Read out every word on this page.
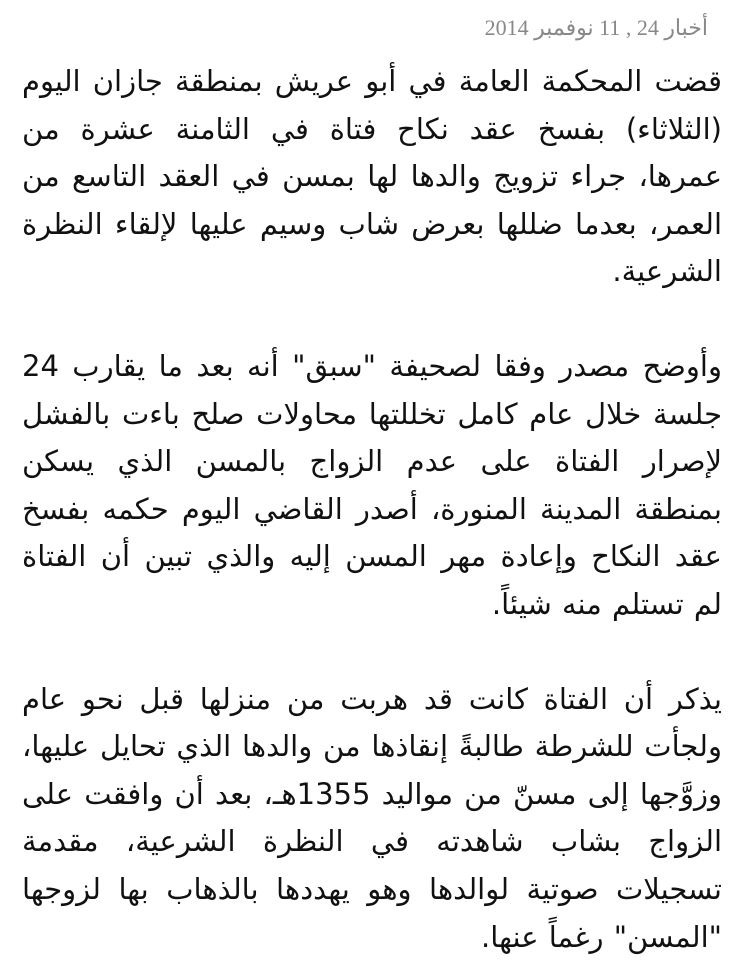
أخبار 24 , 11 نوفمبر 2014

قضت المحكمة العامة في أبو عريش بمنطقة جازان اليوم (الثلاثاء) بفسخ عقد نكاح فتاة في الثامنة عشرة من عمرها، جراء تزويج والدها لها بمسن في العقد التاسع من العمر، بعدما ضللها بعرض شاب وسيم عليها لإلقاء النظرة الشرعية.

وأوضح مصدر وفقا لصحيفة "سبق" أنه بعد ما يقارب 24 جلسة خلال عام كامل تخللتها محاولات صلح باءت بالفشل لإصرار الفتاة على عدم الزواج بالمسن الذي يسكن بمنطقة المدينة المنورة، أصدر القاضي اليوم حكمه بفسخ عقد النكاح وإعادة مهر المسن إليه والذي تبين أن الفتاة لم تستلم منه شيئاً.

يذكر أن الفتاة كانت قد هربت من منزلها قبل نحو عام ولجأت للشرطة طالبةً إنقاذها من والدها الذي تحايل عليها، وزوَّجها إلى مسنّ من مواليد 1355هـ، بعد أن وافقت على الزواج بشاب شاهدته في النظرة الشرعية، مقدمة تسجيلات صوتية لوالدها وهو يهددها بالذهاب بها لزوجها "المسن" رغماً عنها.
